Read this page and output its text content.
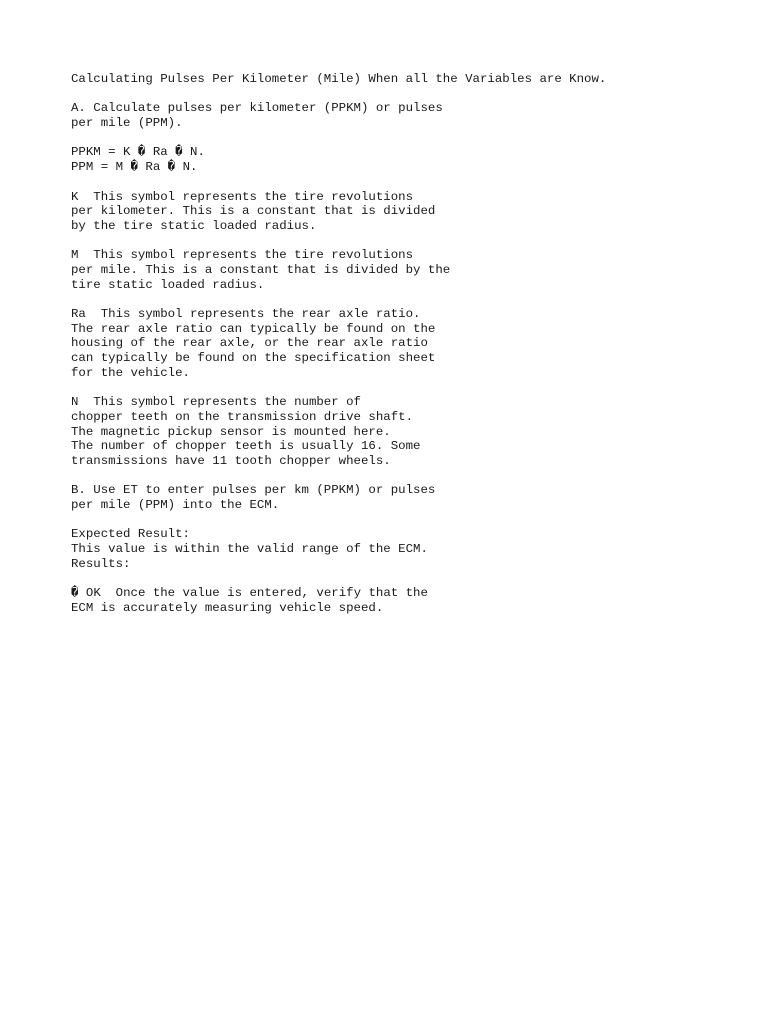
Calculating Pulses Per Kilometer (Mile) When all the Variables are Know.
A. Calculate pulses per kilometer (PPKM) or pulses
per mile (PPM).
PPKM = K � Ra � N.
PPM = M � Ra � N.
K  This symbol represents the tire revolutions
per kilometer. This is a constant that is divided
by the tire static loaded radius.
M  This symbol represents the tire revolutions
per mile. This is a constant that is divided by the
tire static loaded radius.
Ra  This symbol represents the rear axle ratio.
The rear axle ratio can typically be found on the
housing of the rear axle, or the rear axle ratio
can typically be found on the specification sheet
for the vehicle.
N  This symbol represents the number of
chopper teeth on the transmission drive shaft.
The magnetic pickup sensor is mounted here.
The number of chopper teeth is usually 16. Some
transmissions have 11 tooth chopper wheels.
B. Use ET to enter pulses per km (PPKM) or pulses
per mile (PPM) into the ECM.
Expected Result:
This value is within the valid range of the ECM.
Results:
� OK  Once the value is entered, verify that the
ECM is accurately measuring vehicle speed.
